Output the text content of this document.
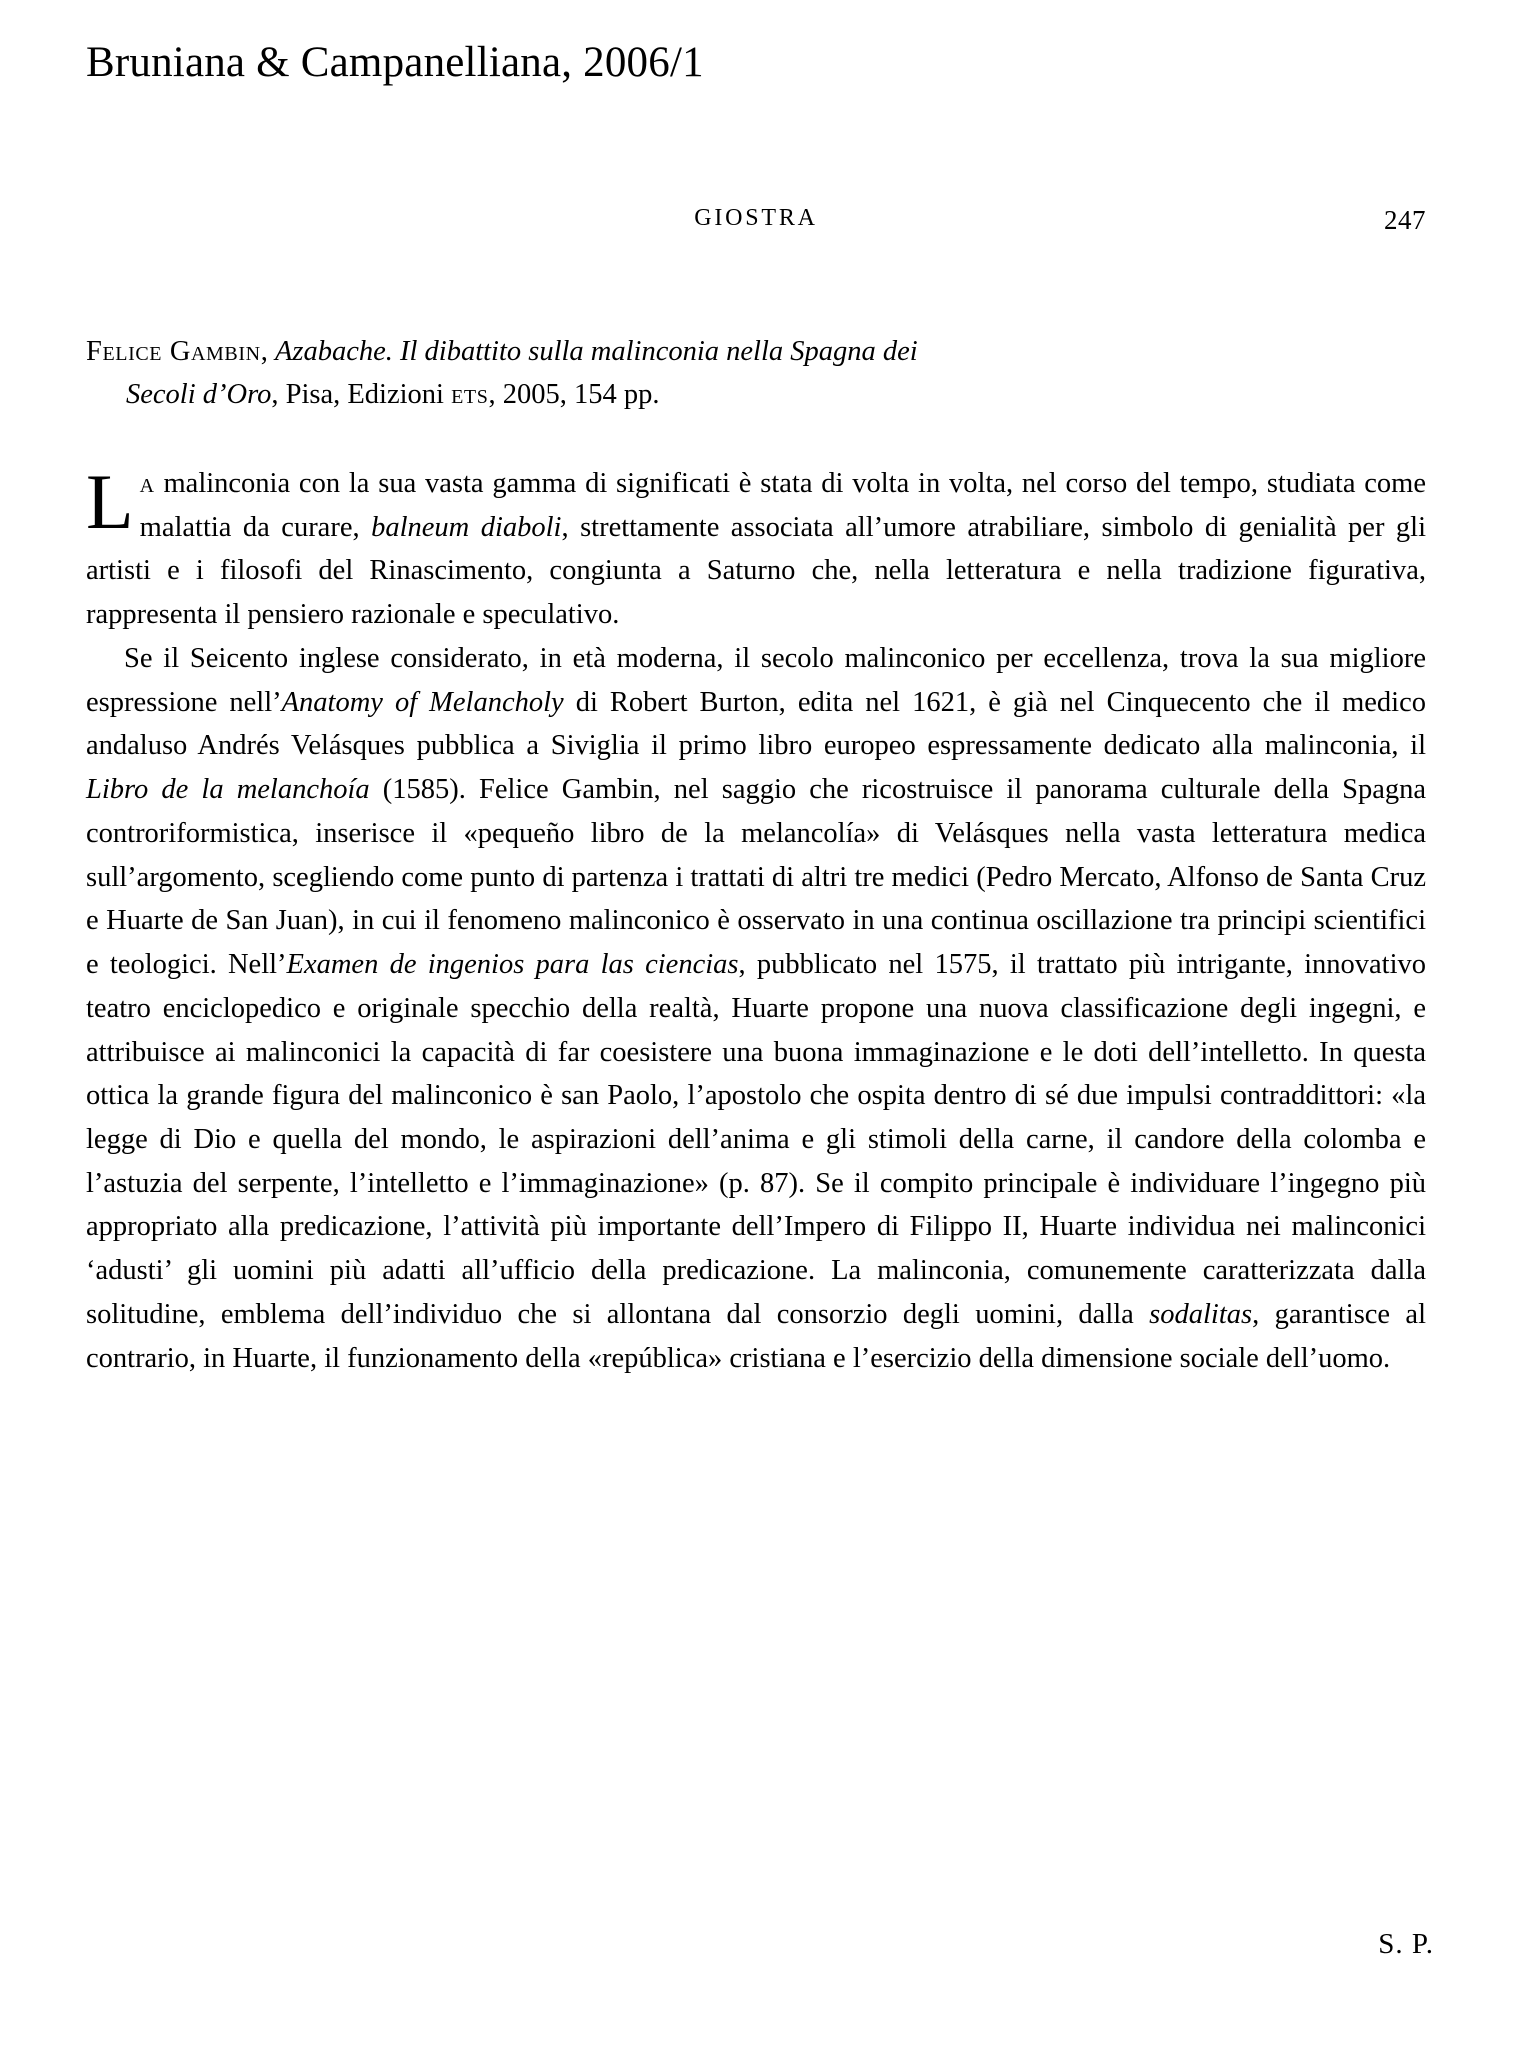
Bruniana & Campanelliana, 2006/1
GIOSTRA	247
Felice Gambin, Azabache. Il dibattito sulla malinconia nella Spagna dei
Secoli d’Oro, Pisa, Edizioni ets, 2005, 154 pp.

La malinconia con la sua vasta gamma di significati è stata di volta in volta, nel corso del tempo, studiata come malattia da curare, balneum diaboli, strettamente associata all’umore atrabiliare, simbolo di genialità per gli artisti e i filosofi del Rinascimento, congiunta a Saturno che, nella letteratura e nella tradizione figurativa, rappresenta il pensiero razionale e speculativo.

Se il Seicento inglese considerato, in età moderna, il secolo malinconico per eccellenza, trova la sua migliore espressione nell’Anatomy of Melancholy di Robert Burton, edita nel 1621, è già nel Cinquecento che il medico andaluso Andrés Velásques pubblica a Siviglia il primo libro europeo espressamente dedicato alla malinconia, il Libro de la melanchoía (1585). Felice Gambin, nel saggio che ricostruisce il panorama culturale della Spagna controriformistica, inserisce il «pequeño libro de la melancolía» di Velásques nella vasta letteratura medica sull’argomento, scegliendo come punto di partenza i trattati di altri tre medici (Pedro Mercato, Alfonso de Santa Cruz e Huarte de San Juan), in cui il fenomeno malinconico è osservato in una continua oscillazione tra principi scientifici e teologici. Nell’Examen de ingenios para las ciencias, pubblicato nel 1575, il trattato più intrigante, innovativo teatro enciclopedico e originale specchio della realtà, Huarte propone una nuova classificazione degli ingegni, e attribuisce ai malinconici la capacità di far coesistere una buona immaginazione e le doti dell’intelletto. In questa ottica la grande figura del malinconico è san Paolo, l’apostolo che ospita dentro di sé due impulsi contraddittori: «la legge di Dio e quella del mondo, le aspirazioni dell’anima e gli stimoli della carne, il candore della colomba e l’astuzia del serpente, l’intelletto e l’immaginazione» (p. 87). Se il compito principale è individuare l’ingegno più appropriato alla predicazione, l’attività più importante dell’Impero di Filippo II, Huarte individua nei malinconici ‘adusti’ gli uomini più adatti all’ufficio della predicazione. La malinconia, comunemente caratterizzata dalla solitudine, emblema dell’individuo che si allontana dal consorzio degli uomini, dalla sodalitas, garantisce al contrario, in Huarte, il funzionamento della «república» cristiana e l’esercizio della dimensione sociale dell’uomo.

S. P.
